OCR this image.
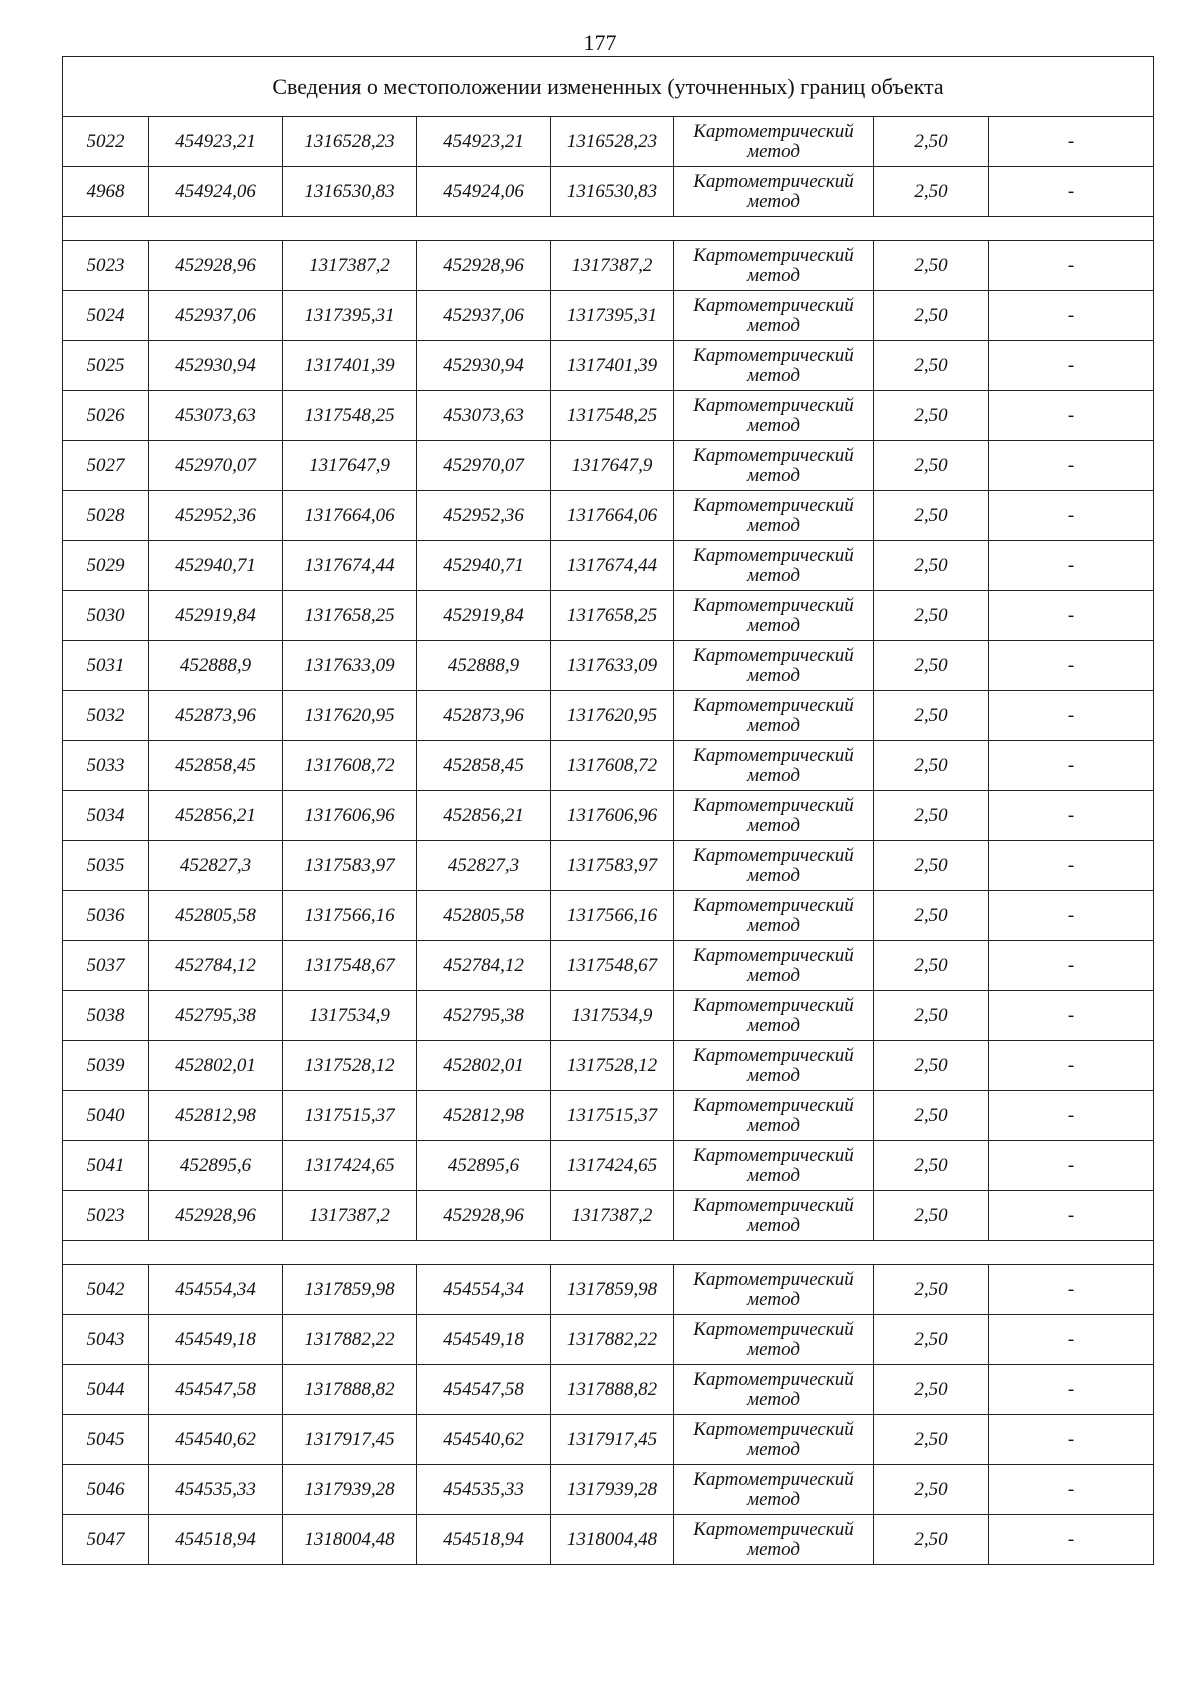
177
Сведения о местоположении измененных (уточненных) границ объекта							
5022	454923,21	1316528,23	454923,21	1316528,23	Картометрический метод	2,50	-
4968	454924,06	1316530,83	454924,06	1316530,83	Картометрический метод	2,50	-

5023	452928,96	1317387,2	452928,96	1317387,2	Картометрический метод	2,50	-
5024	452937,06	1317395,31	452937,06	1317395,31	Картометрический метод	2,50	-
5025	452930,94	1317401,39	452930,94	1317401,39	Картометрический метод	2,50	-
5026	453073,63	1317548,25	453073,63	1317548,25	Картометрический метод	2,50	-
5027	452970,07	1317647,9	452970,07	1317647,9	Картометрический метод	2,50	-
5028	452952,36	1317664,06	452952,36	1317664,06	Картометрический метод	2,50	-
5029	452940,71	1317674,44	452940,71	1317674,44	Картометрический метод	2,50	-
5030	452919,84	1317658,25	452919,84	1317658,25	Картометрический метод	2,50	-
5031	452888,9	1317633,09	452888,9	1317633,09	Картометрический метод	2,50	-
5032	452873,96	1317620,95	452873,96	1317620,95	Картометрический метод	2,50	-
5033	452858,45	1317608,72	452858,45	1317608,72	Картометрический метод	2,50	-
5034	452856,21	1317606,96	452856,21	1317606,96	Картометрический метод	2,50	-
5035	452827,3	1317583,97	452827,3	1317583,97	Картометрический метод	2,50	-
5036	452805,58	1317566,16	452805,58	1317566,16	Картометрический метод	2,50	-
5037	452784,12	1317548,67	452784,12	1317548,67	Картометрический метод	2,50	-
5038	452795,38	1317534,9	452795,38	1317534,9	Картометрический метод	2,50	-
5039	452802,01	1317528,12	452802,01	1317528,12	Картометрический метод	2,50	-
5040	452812,98	1317515,37	452812,98	1317515,37	Картометрический метод	2,50	-
5041	452895,6	1317424,65	452895,6	1317424,65	Картометрический метод	2,50	-
5023	452928,96	1317387,2	452928,96	1317387,2	Картометрический метод	2,50	-

5042	454554,34	1317859,98	454554,34	1317859,98	Картометрический метод	2,50	-
5043	454549,18	1317882,22	454549,18	1317882,22	Картометрический метод	2,50	-
5044	454547,58	1317888,82	454547,58	1317888,82	Картометрический метод	2,50	-
5045	454540,62	1317917,45	454540,62	1317917,45	Картометрический метод	2,50	-
5046	454535,33	1317939,28	454535,33	1317939,28	Картометрический метод	2,50	-
5047	454518,94	1318004,48	454518,94	1318004,48	Картометрический метод	2,50	-
